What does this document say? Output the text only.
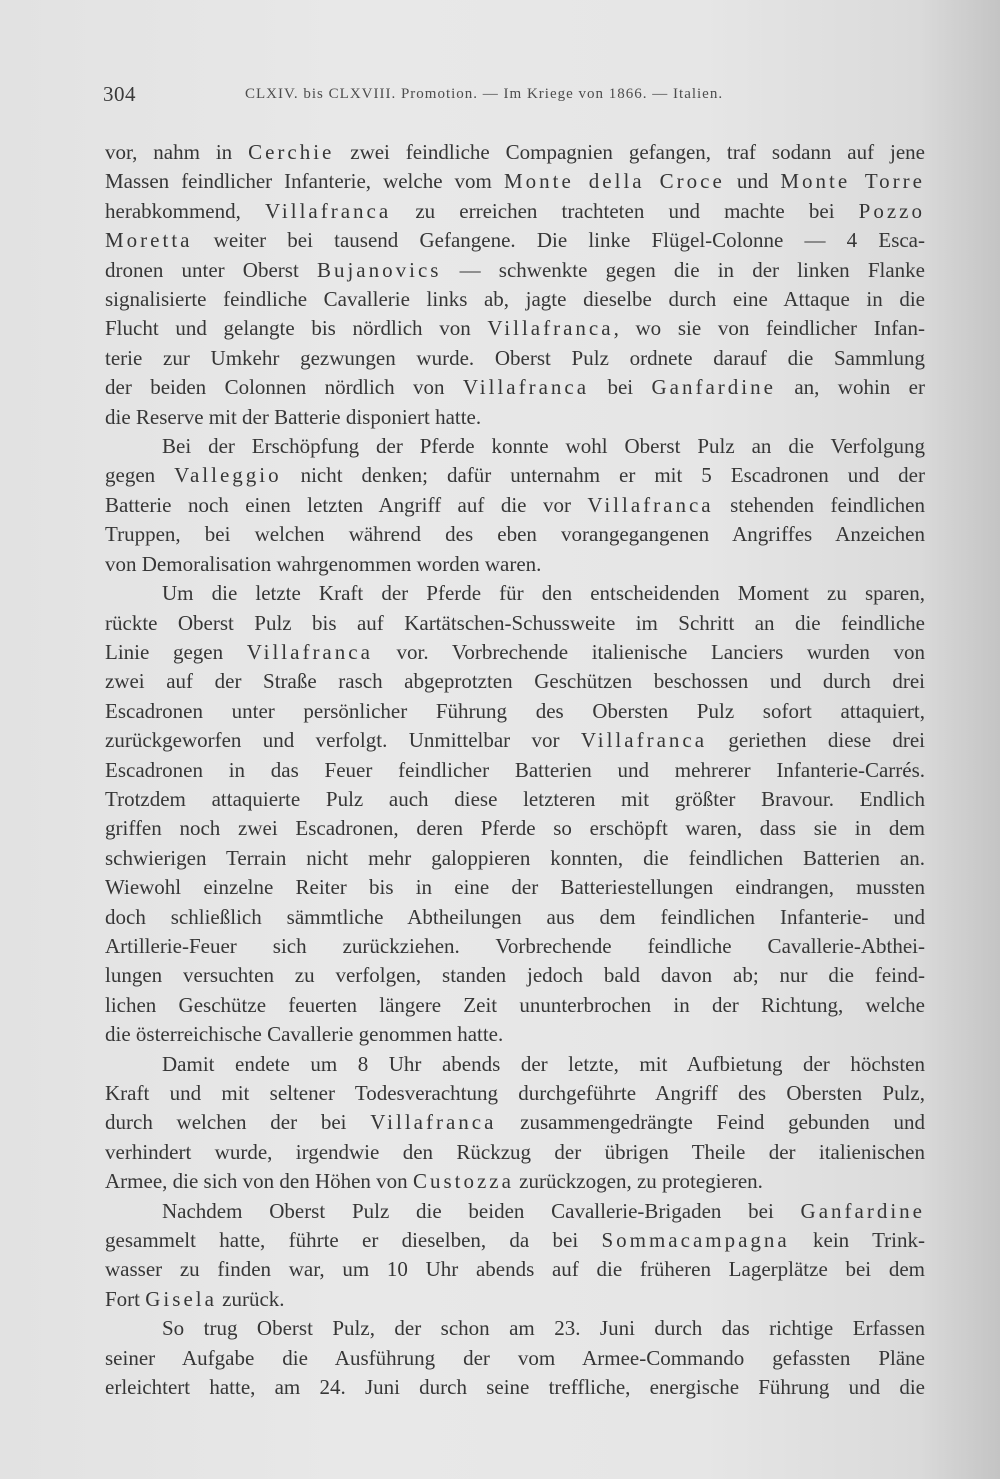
304	CLXIV. bis CLXVIII. Promotion. — Im Kriege von 1866. — Italien.
vor, nahm in Cerchie zwei feindliche Compagnien gefangen, traf sodann auf jene
Massen feindlicher Infanterie, welche vom Monte della Croce und Monte Torre
herabkommend, Villafranca zu erreichen trachteten und machte bei Pozzo
Moretta weiter bei tausend Gefangene. Die linke Flügel-Colonne — 4 Esca-
dronen unter Oberst Bujanovics — schwenkte gegen die in der linken Flanke
signalisierte feindliche Cavallerie links ab, jagte dieselbe durch eine Attaque in die
Flucht und gelangte bis nördlich von Villafranca, wo sie von feindlicher Infan-
terie zur Umkehr gezwungen wurde. Oberst Pulz ordnete darauf die Sammlung
der beiden Colonnen nördlich von Villafranca bei Ganfardine an, wohin er
die Reserve mit der Batterie disponiert hatte.
Bei der Erschöpfung der Pferde konnte wohl Oberst Pulz an die Verfolgung
gegen Valleggio nicht denken; dafür unternahm er mit 5 Escadronen und der
Batterie noch einen letzten Angriff auf die vor Villafranca stehenden feindlichen
Truppen, bei welchen während des eben vorangegangenen Angriffes Anzeichen
von Demoralisation wahrgenommen worden waren.
Um die letzte Kraft der Pferde für den entscheidenden Moment zu sparen,
rückte Oberst Pulz bis auf Kartätschen-Schussweite im Schritt an die feindliche
Linie gegen Villafranca vor. Vorbrechende italienische Lanciers wurden von
zwei auf der Straße rasch abgeprotzten Geschützen beschossen und durch drei
Escadronen unter persönlicher Führung des Obersten Pulz sofort attaquiert,
zurückgeworfen und verfolgt. Unmittelbar vor Villafranca geriethen diese drei
Escadronen in das Feuer feindlicher Batterien und mehrerer Infanterie-Carrés.
Trotzdem attaquierte Pulz auch diese letzteren mit größter Bravour. Endlich
griffen noch zwei Escadronen, deren Pferde so erschöpft waren, dass sie in dem
schwierigen Terrain nicht mehr galoppieren konnten, die feindlichen Batterien an.
Wiewohl einzelne Reiter bis in eine der Batteriestellungen eindrangen, mussten
doch schließlich sämmtliche Abtheilungen aus dem feindlichen Infanterie- und
Artillerie-Feuer sich zurückziehen. Vorbrechende feindliche Cavallerie-Abthei-
lungen versuchten zu verfolgen, standen jedoch bald davon ab; nur die feind-
lichen Geschütze feuerten längere Zeit ununterbrochen in der Richtung, welche
die österreichische Cavallerie genommen hatte.
Damit endete um 8 Uhr abends der letzte, mit Aufbietung der höchsten
Kraft und mit seltener Todesverachtung durchgeführte Angriff des Obersten Pulz,
durch welchen der bei Villafranca zusammengedrängte Feind gebunden und
verhindert wurde, irgendwie den Rückzug der übrigen Theile der italienischen
Armee, die sich von den Höhen von Custozza zurückzogen, zu protegieren.
Nachdem Oberst Pulz die beiden Cavallerie-Brigaden bei Ganfardine
gesammelt hatte, führte er dieselben, da bei Sommacampagna kein Trink-
wasser zu finden war, um 10 Uhr abends auf die früheren Lagerplätze bei dem
Fort Gisela zurück.
So trug Oberst Pulz, der schon am 23. Juni durch das richtige Erfassen
seiner Aufgabe die Ausführung der vom Armee-Commando gefassten Pläne
erleichtert hatte, am 24. Juni durch seine treffliche, energische Führung und die
